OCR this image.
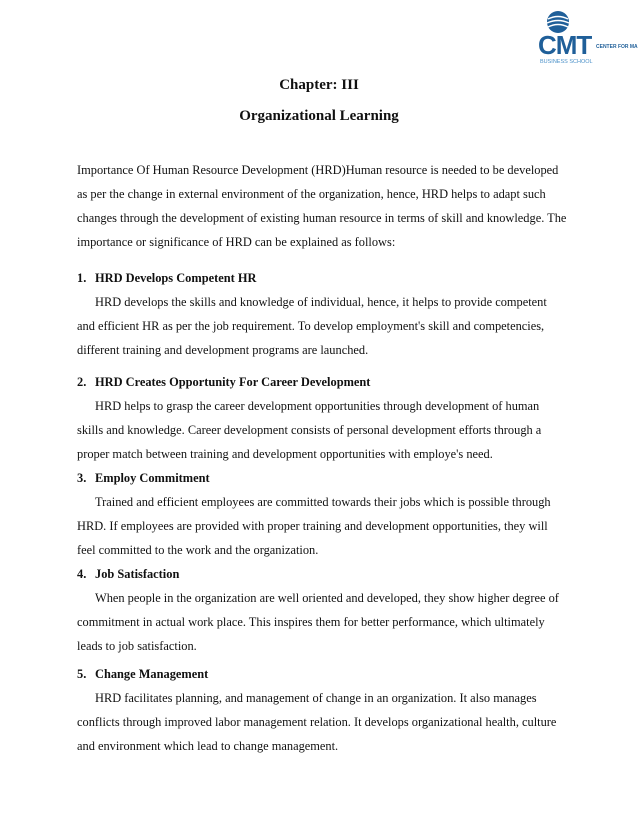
CMT CENTER FOR MA
BUSINESS SCHOOL
Chapter: III
Organizational Learning

Importance Of Human Resource Development (HRD)Human resource is needed to be developed as per the change in external environment of the organization, hence, HRD helps to adapt such changes through the development of existing human resource in terms of skill and knowledge. The importance or significance of HRD can be explained as follows:

1. HRD Develops Competent HR

HRD develops the skills and knowledge of individual, hence, it helps to provide competent and efficient HR as per the job requirement. To develop employment's skill and competencies, different training and development programs are launched.

2. HRD Creates Opportunity For Career Development

HRD helps to grasp the career development opportunities through development of human skills and knowledge. Career development consists of personal development efforts through a proper match between training and development opportunities with employe's need.

3. Employ Commitment

Trained and efficient employees are committed towards their jobs which is possible through HRD. If employees are provided with proper training and development opportunities, they will feel committed to the work and the organization.

4. Job Satisfaction

When people in the organization are well oriented and developed, they show higher degree of commitment in actual work place. This inspires them for better performance, which ultimately leads to job satisfaction.

5. Change Management

HRD facilitates planning, and management of change in an organization. It also manages conflicts through improved labor management relation. It develops organizational health, culture and environment which lead to change management.
